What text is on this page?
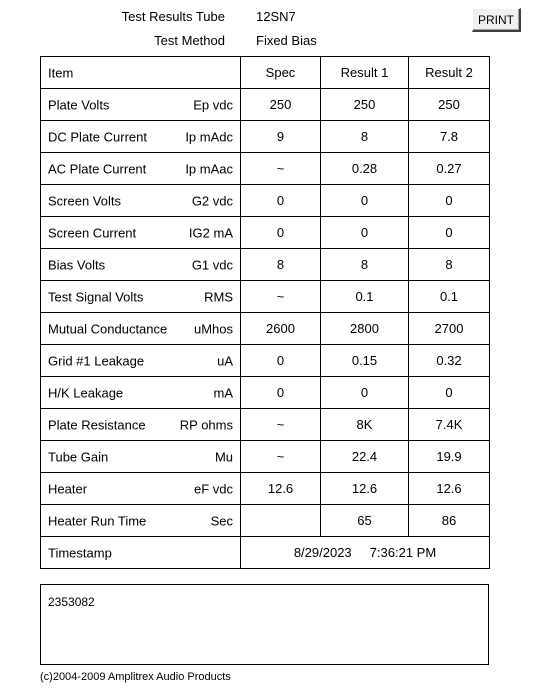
Test Results Tube 12SN7
Test Method Fixed Bias
PRINT
Item	Spec	Result 1	Result 2

Plate Volts Ep vdc	250	250	250

DC Plate Current Ip mAdc	9	8	7.8

AC Plate Current Ip mAac	~	0.28	0.27

Screen Volts G2 vdc	0	0	0

Screen Current IG2 mA	0	0	0

Bias Volts G1 vdc	8	8	8

Test Signal Volts RMS	~	0.1	0.1

Mutual Conductance uMhos	2600	2800	2700

Grid #1 Leakage uA	0	0.15	0.32

H/K Leakage mA	0	0	0

Plate Resistance RP ohms	~	8K	7.4K

Tube Gain Mu	~	22.4	19.9

Heater eF vdc	12.6	12.6	12.6

Heater Run Time Sec		65	86

Timestamp	8/29/2023 7:36:21 PM		
2353082
(c)2004-2009 Amplitrex Audio Products
